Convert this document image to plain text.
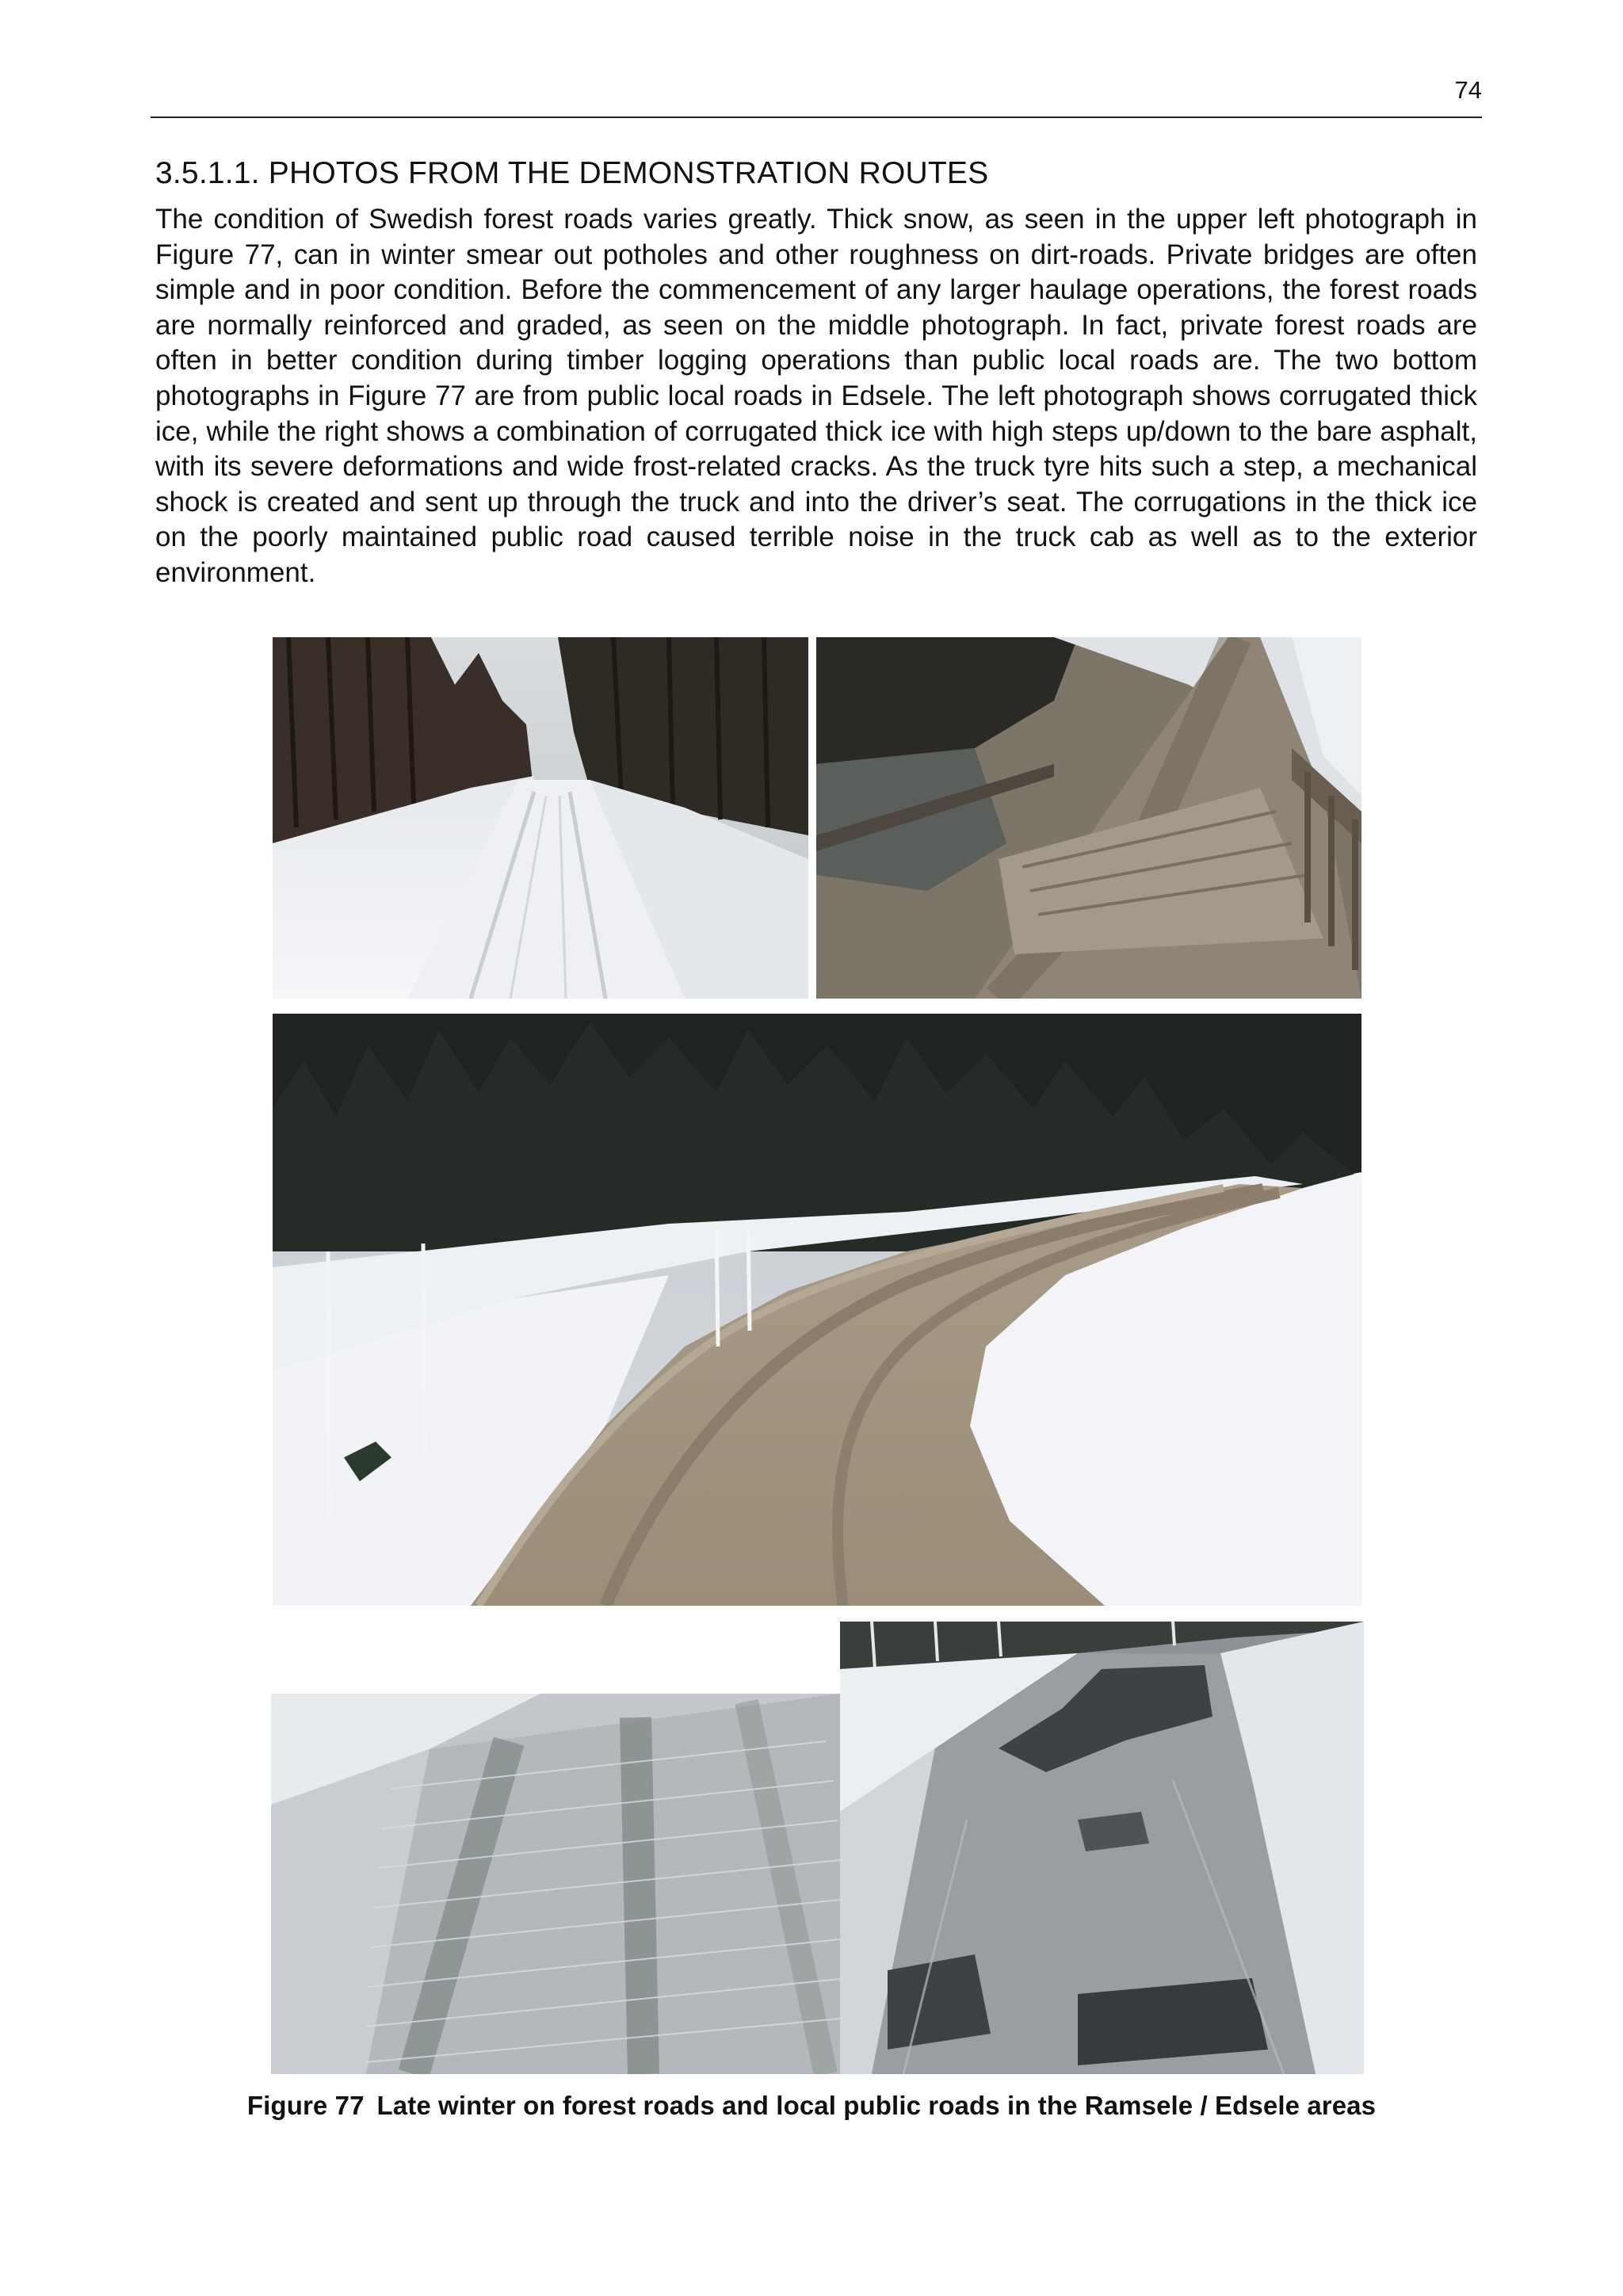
74
3.5.1.1. PHOTOS FROM THE DEMONSTRATION ROUTES

The condition of Swedish forest roads varies greatly. Thick snow, as seen in the upper left photograph in Figure 77, can in winter smear out potholes and other roughness on dirt-roads. Private bridges are often simple and in poor condition. Before the commencement of any larger haulage operations, the forest roads are normally reinforced and graded, as seen on the middle photograph. In fact, private forest roads are often in better condition during timber logging operations than public local roads are. The two bottom photographs in Figure 77 are from public local roads in Edsele. The left photograph shows corrugated thick ice, while the right shows a combination of corrugated thick ice with high steps up/down to the bare asphalt, with its severe deformations and wide frost-related cracks. As the truck tyre hits such a step, a mechanical shock is created and sent up through the truck and into the driver’s seat. The corrugations in the thick ice on the poorly maintained public road caused terrible noise in the truck cab as well as to the exterior environment.

Figure 77 Late winter on forest roads and local public roads in the Ramsele / Edsele areas
